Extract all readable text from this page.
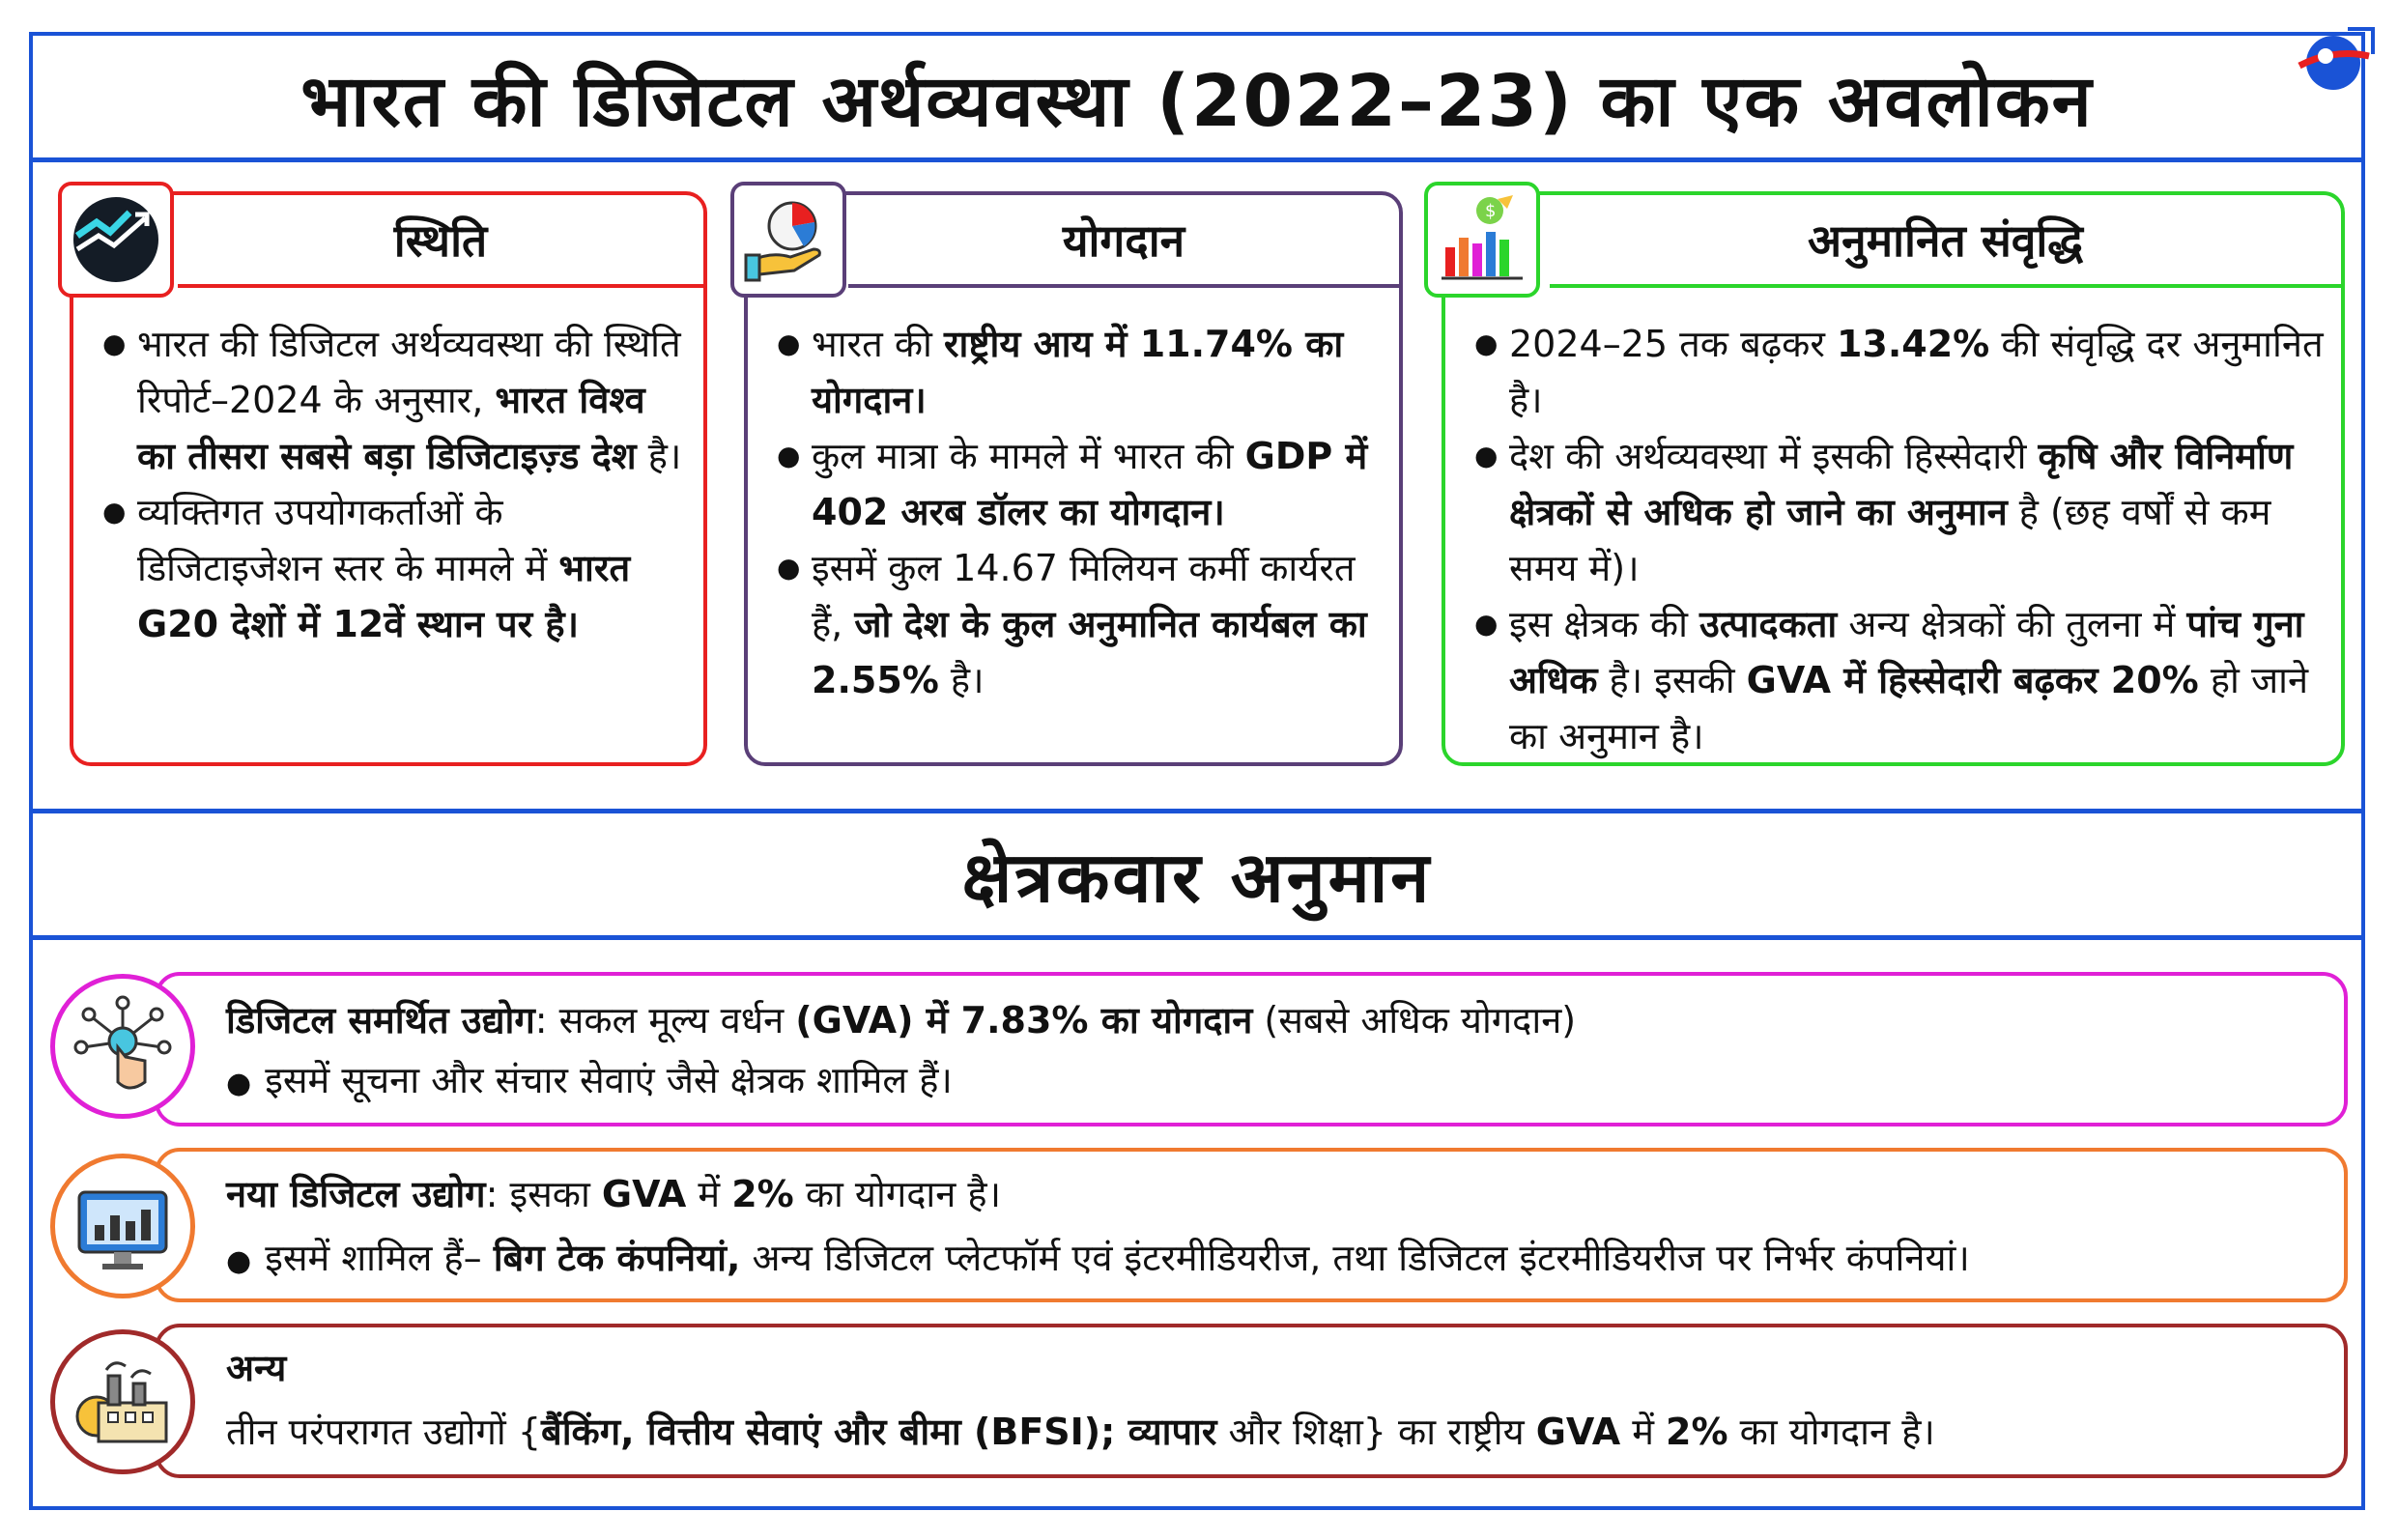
भारत की डिजिटल अर्थव्यवस्था (2022–23) का एक अवलोकन
स्थिति
● भारत की डिजिटल अर्थव्यवस्था की स्थिति रिपोर्ट–2024 के अनुसार, भारत विश्व का तीसरा सबसे बड़ा डिजिटाइज़्ड देश है।
● व्यक्तिगत उपयोगकर्ताओं के डिजिटाइजेशन स्तर के मामले में भारत G20 देशों में 12वें स्थान पर है।
योगदान
● भारत की राष्ट्रीय आय में 11.74% का योगदान।
● कुल मात्रा के मामले में भारत की GDP में 402 अरब डॉलर का योगदान।
● इसमें कुल 14.67 मिलियन कर्मी कार्यरत हैं, जो देश के कुल अनुमानित कार्यबल का 2.55% है।
अनुमानित संवृद्धि
● 2024–25 तक बढ़कर 13.42% की संवृद्धि दर अनुमानित है।
● देश की अर्थव्यवस्था में इसकी हिस्सेदारी कृषि और विनिर्माण क्षेत्रकों से अधिक हो जाने का अनुमान है (छह वर्षों से कम समय में)।
● इस क्षेत्रक की उत्पादकता अन्य क्षेत्रकों की तुलना में पांच गुना अधिक है। इसकी GVA में हिस्सेदारी बढ़कर 20% हो जाने का अनुमान है।
$
क्षेत्रकवार अनुमान
डिजिटल समर्थित उद्योग: सकल मूल्य वर्धन (GVA) में 7.83% का योगदान (सबसे अधिक योगदान)
● इसमें सूचना और संचार सेवाएं जैसे क्षेत्रक शामिल हैं।
नया डिजिटल उद्योग: इसका GVA में 2% का योगदान है।
● इसमें शामिल हैं– बिग टेक कंपनियां, अन्य डिजिटल प्लेटफॉर्म एवं इंटरमीडियरीज, तथा डिजिटल इंटरमीडियरीज पर निर्भर कंपनियां।
अन्य
तीन परंपरागत उद्योगों {बैंकिंग, वित्तीय सेवाएं और बीमा (BFSI); व्यापार और शिक्षा} का राष्ट्रीय GVA में 2% का योगदान है।
